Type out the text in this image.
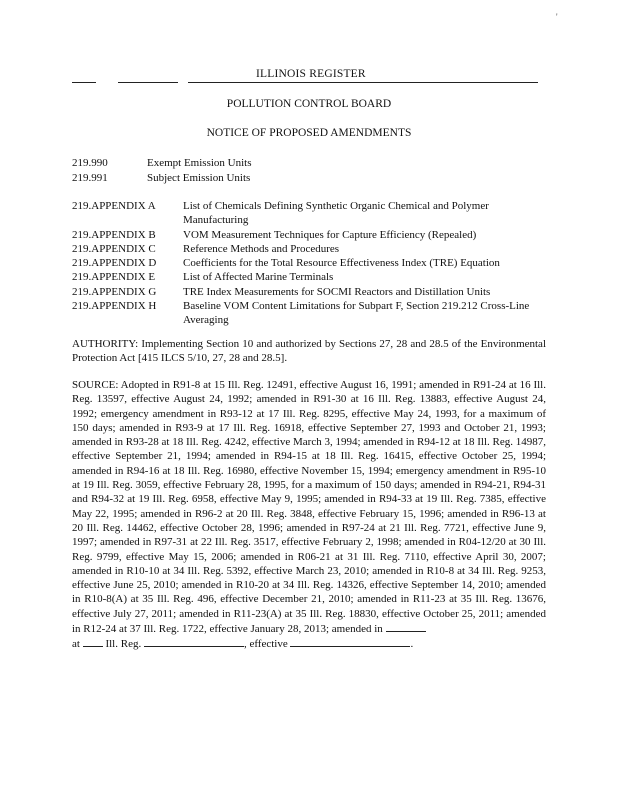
'
ILLINOIS REGISTER
POLLUTION CONTROL BOARD
NOTICE OF PROPOSED AMENDMENTS
219.990	Exempt Emission Units
219.991	Subject Emission Units
219.APPENDIX A	List of Chemicals Defining Synthetic Organic Chemical and Polymer Manufacturing
219.APPENDIX B	VOM Measurement Techniques for Capture Efficiency (Repealed)
219.APPENDIX C	Reference Methods and Procedures
219.APPENDIX D	Coefficients for the Total Resource Effectiveness Index (TRE) Equation
219.APPENDIX E	List of Affected Marine Terminals
219.APPENDIX G	TRE Index Measurements for SOCMI Reactors and Distillation Units
219.APPENDIX H	Baseline VOM Content Limitations for Subpart F, Section 219.212 Cross-Line Averaging
AUTHORITY: Implementing Section 10 and authorized by Sections 27, 28 and 28.5 of the Environmental Protection Act [415 ILCS 5/10, 27, 28 and 28.5].
SOURCE: Adopted in R91-8 at 15 Ill. Reg. 12491, effective August 16, 1991; amended in R91-24 at 16 Ill. Reg. 13597, effective August 24, 1992; amended in R91-30 at 16 Ill. Reg. 13883, effective August 24, 1992; emergency amendment in R93-12 at 17 Ill. Reg. 8295, effective May 24, 1993, for a maximum of 150 days; amended in R93-9 at 17 Ill. Reg. 16918, effective September 27, 1993 and October 21, 1993; amended in R93-28 at 18 Ill. Reg. 4242, effective March 3, 1994; amended in R94-12 at 18 Ill. Reg. 14987, effective September 21, 1994; amended in R94-15 at 18 Ill. Reg. 16415, effective October 25, 1994; amended in R94-16 at 18 Ill. Reg. 16980, effective November 15, 1994; emergency amendment in R95-10 at 19 Ill. Reg. 3059, effective February 28, 1995, for a maximum of 150 days; amended in R94-21, R94-31 and R94-32 at 19 Ill. Reg. 6958, effective May 9, 1995; amended in R94-33 at 19 Ill. Reg. 7385, effective May 22, 1995; amended in R96-2 at 20 Ill. Reg. 3848, effective February 15, 1996; amended in R96-13 at 20 Ill. Reg. 14462, effective October 28, 1996; amended in R97-24 at 21 Ill. Reg. 7721, effective June 9, 1997; amended in R97-31 at 22 Ill. Reg. 3517, effective February 2, 1998; amended in R04-12/20 at 30 Ill. Reg. 9799, effective May 15, 2006; amended in R06-21 at 31 Ill. Reg. 7110, effective April 30, 2007; amended in R10-10 at 34 Ill. Reg. 5392, effective March 23, 2010; amended in R10-8 at 34 Ill. Reg. 9253, effective June 25, 2010; amended in R10-20 at 34 Ill. Reg. 14326, effective September 14, 2010; amended in R10-8(A) at 35 Ill. Reg. 496, effective December 21, 2010; amended in R11-23 at 35 Ill. Reg. 13676, effective July 27, 2011; amended in R11-23(A) at 35 Ill. Reg. 18830, effective October 25, 2011; amended in R12-24 at 37 Ill. Reg. 1722, effective January 28, 2013; amended in
at Ill. Reg.	, effective	.
